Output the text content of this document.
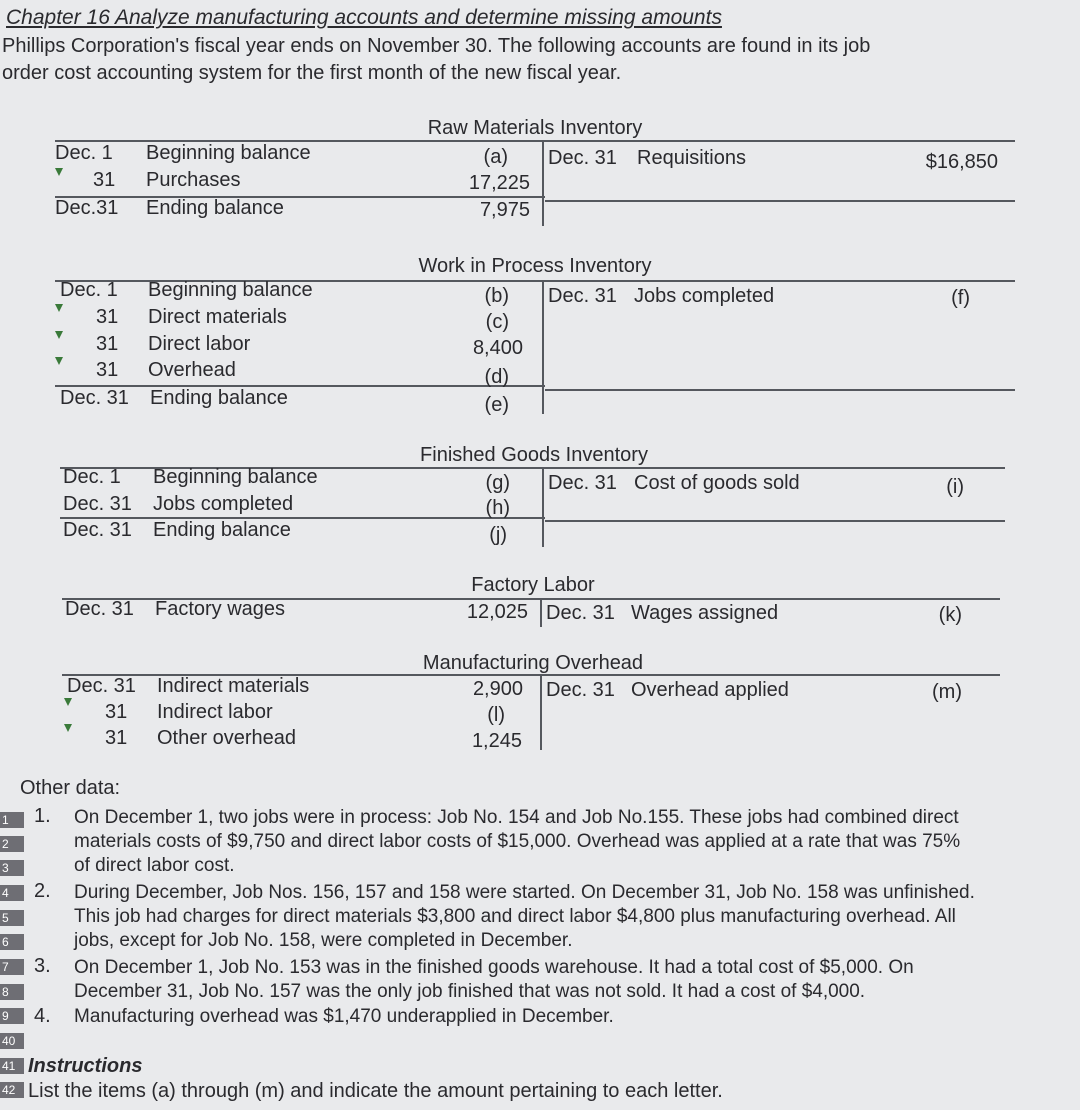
Chapter 16 Analyze manufacturing accounts and determine missing amounts
Phillips Corporation's fiscal year ends on November 30. The following accounts are found in its job
order cost accounting system for the first month of the new fiscal year.
Raw Materials Inventory
Dec. 1 Beginning balance	(a)
31 Purchases	17,225
Dec.31 Ending balance	7,975
Dec. 31 Requisitions	$16,850
Work in Process Inventory
Dec. 1 Beginning balance	(b)
31 Direct materials	(c)
31 Direct labor	8,400
31 Overhead	(d)
Dec. 31 Ending balance	(e)
Dec. 31 Jobs completed	(f)
Finished Goods Inventory
Dec. 1 Beginning balance	(g)
Dec. 31 Jobs completed	(h)
Dec. 31 Ending balance	(j)
Dec. 31 Cost of goods sold	(i)
Factory Labor
Dec. 31 Factory wages	12,025 Dec. 31 Wages assigned	(k)
Manufacturing Overhead
Dec. 31 Indirect materials	2,900
31 Indirect labor	(l)
31 Other overhead	1,245
Dec. 31 Overhead applied	(m)
1
2
3
4
5
6
7
8
9
40
41
42
Other data:
1. On December 1, two jobs were in process: Job No. 154 and Job No.155. These jobs had combined direct
materials costs of $9,750 and direct labor costs of $15,000. Overhead was applied at a rate that was 75%
of direct labor cost.
2. During December, Job Nos. 156, 157 and 158 were started. On December 31, Job No. 158 was unfinished.
This job had charges for direct materials $3,800 and direct labor $4,800 plus manufacturing overhead. All
jobs, except for Job No. 158, were completed in December.
3. On December 1, Job No. 153 was in the finished goods warehouse. It had a total cost of $5,000. On
December 31, Job No. 157 was the only job finished that was not sold. It had a cost of $4,000.
4. Manufacturing overhead was $1,470 underapplied in December.
Instructions
List the items (a) through (m) and indicate the amount pertaining to each letter.
